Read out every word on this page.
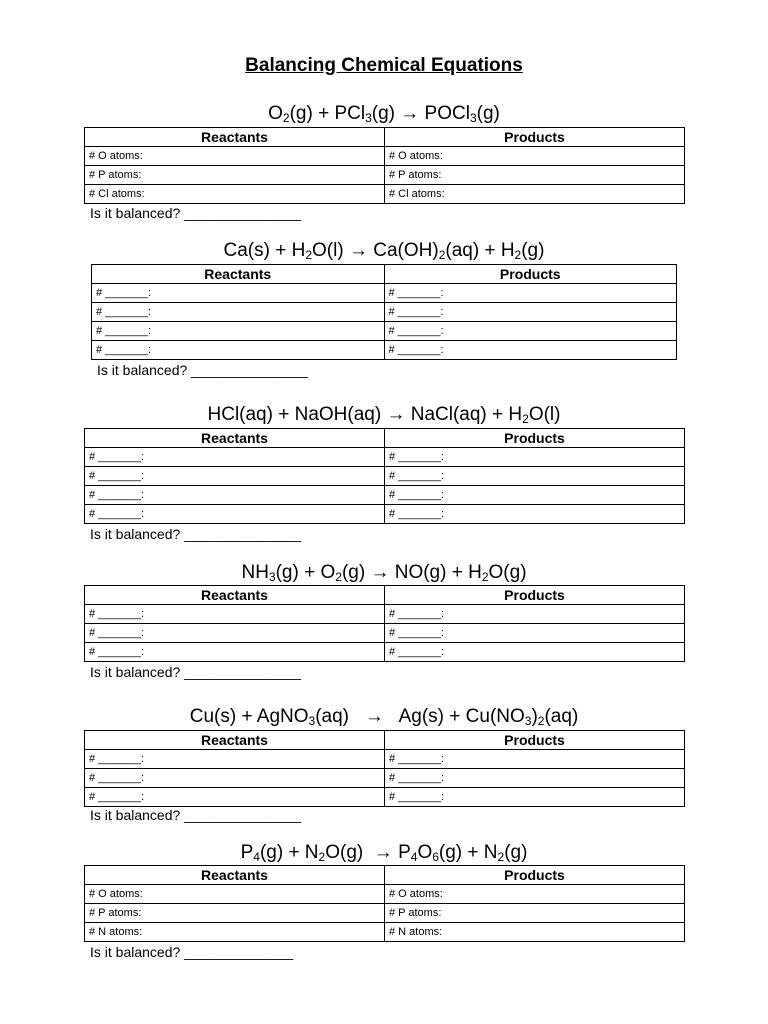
Balancing Chemical Equations
$O_2(g) + PCl_3(g)$ → POCl$_3$(g)
Reactants	Products
# O atoms:	# O atoms:
# P atoms:	# P atoms:
# Cl atoms:	# Cl atoms:
Is it balanced? _______________
$Ca(s) + H_2O(l) \to Ca(OH)_2(aq) + H_2(g)$
Reactants	Products
# _______:	# _______:
# _______:	# _______:
# _______:	# _______:
# _______:	# _______:
Is it balanced? _______________
HCl(aq) + NaOH(aq) → NaCl(aq) + $H_2O(l)$
Reactants	Products
# _______:	# _______:
# _______:	# _______:
# _______:	# _______:
# _______:	# _______:
Is it balanced? _______________
$NH_3(g) + O_2(g) \to NO(g) + H_2O(g)$
Reactants	Products
# _______:	# _______:
# _______:	# _______:
# _______:	# _______:
Is it balanced? _______________
Cu(s) + AgNO$_3$(aq)   →   $Ag(s) + Cu(NO_3)_2(aq)$
Reactants	Products
# _______:	# _______:
# _______:	# _______:
# _______:	# _______:
Is it balanced? _______________
$P_4(g) + N_2O(g) \to P_4O_6(g) + N_2(g)$
Reactants	Products
# O atoms:	# O atoms:
# P atoms:	# P atoms:
# N atoms:	# N atoms:
Is it balanced? ______________
